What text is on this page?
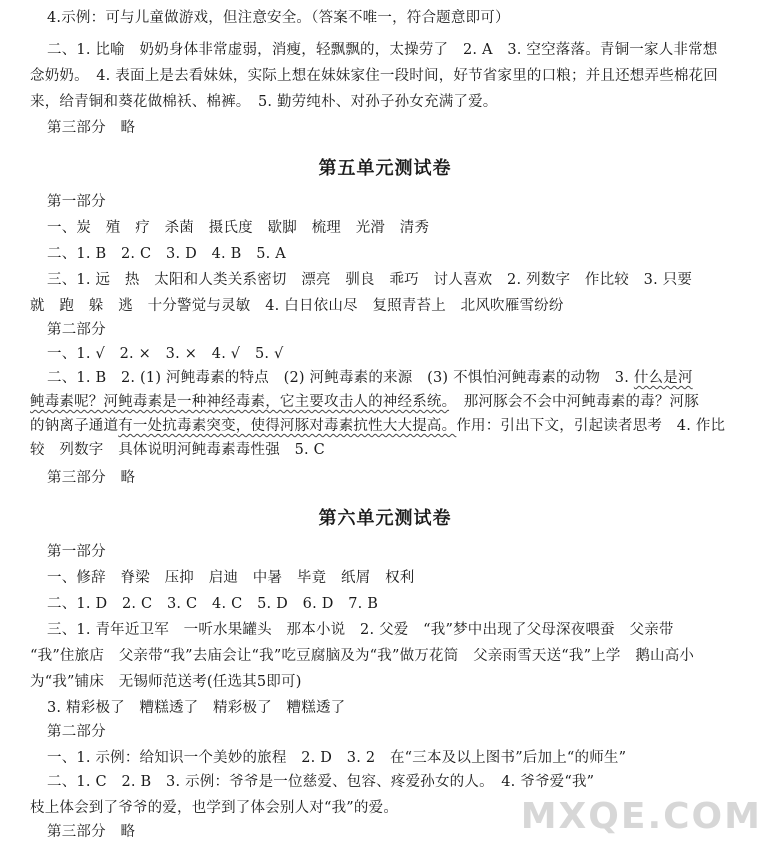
4.示例：可与儿童做游戏，但注意安全。（答案不唯一，符合题意即可）
二、1. 比喻　奶奶身体非常虚弱，消瘦，轻飘飘的，太操劳了　2. A　3. 空空落落。青铜一家人非常想
念奶奶。　4. 表面上是去看妹妹，实际上想在妹妹家住一段时间，好节省家里的口粮；并且还想弄些棉花回
来，给青铜和葵花做棉袄、棉裤。　5. 勤劳纯朴、对孙子孙女充满了爱。
第三部分　略
第五单元测试卷
第一部分
一、炭　殖　疗　杀菌　摄氏度　歇脚　梳理　光滑　清秀
二、1. B　2. C　3. D　4. B　5. A
三、1. 远　热　太阳和人类关系密切　漂亮　驯良　乖巧　讨人喜欢　2. 列数字　作比较　3. 只要
就　跑　躲　逃　十分警觉与灵敏　4. 白日依山尽　复照青苔上　北风吹雁雪纷纷
第二部分
一、1. √　2. ×　3. ×　4. √　5. √
二、1. B　2. (1) 河鲀毒素的特点　(2) 河鲀毒素的来源　(3) 不惧怕河鲀毒素的动物　3. 什么是河
鲀毒素呢？河鲀毒素是一种神经毒素，它主要攻击人的神经系统。　那河豚会不会中河鲀毒素的毒？河豚
的钠离子通道有一处抗毒素突变，使得河豚对毒素抗性大大提高。作用：引出下文，引起读者思考　4. 作比
较　列数字　具体说明河鲀毒素毒性强　5. C
第三部分　略
第六单元测试卷
第一部分
一、修辞　脊梁　压抑　启迪　中暑　毕竟　纸屑　权利
二、1. D　2. C　3. C　4. C　5. D　6. D　7. B
三、1. 青年近卫军　一听水果罐头　那本小说　2. 父爱　“我”梦中出现了父母深夜喂蚕　父亲带
“我”住旅店　父亲带“我”去庙会让“我”吃豆腐脑及为“我”做万花筒　父亲雨雪天送“我”上学　鹅山高小
为“我”铺床　无锡师范送考(任选其5即可)
3. 精彩极了　糟糕透了　精彩极了　糟糕透了
第二部分
一、1. 示例：给知识一个美妙的旅程　2. D　3. 2　在“三本及以上图书”后加上“的师生”
二、1. C　2. B　3. 示例：爷爷是一位慈爱、包容、疼爱孙女的人。　4. 爷爷爱“我”
枝上体会到了爷爷的爱，也学到了体会别人对“我”的爱。
第三部分　略	MXQE.COM
